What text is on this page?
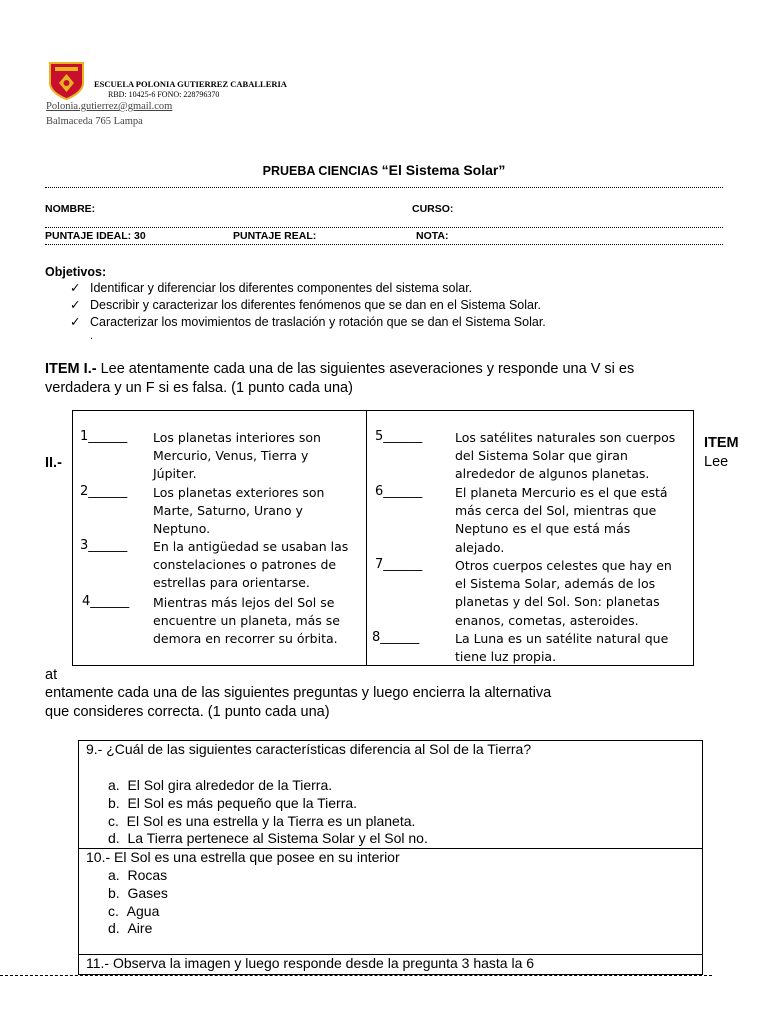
ESCUELA POLONIA GUTIERREZ CABALLERIA
RBD: 10425-6 FONO: 228796370
Polonia.gutierrez@gmail.com
Balmaceda 765 Lampa
PRUEBA CIENCIAS “El Sistema Solar”
NOMBRE:	CURSO:
PUNTAJE IDEAL: 30	PUNTAJE REAL:	NOTA:
Objetivos:
✓ Identificar y diferenciar los diferentes componentes del sistema solar.
✓ Describir y caracterizar los diferentes fenómenos que se dan en el Sistema Solar.
✓ Caracterizar los movimientos de traslación y rotación que se dan el Sistema Solar.
.
ITEM I.- Lee atentamente cada una de las siguientes aseveraciones y responde una V si es
verdadera y un F si es falsa. (1 punto cada una)
1______ Los planetas interiores son
Mercurio, Venus, Tierra y
Júpiter.
2______ Los planetas exteriores son
Marte, Saturno, Urano y
Neptuno.
3______ En la antigüedad se usaban las
constelaciones o patrones de
estrellas para orientarse.
4______ Mientras más lejos del Sol se
encuentre un planeta, más se
demora en recorrer su órbita.
5______	Los satélites naturales son cuerpos
del Sistema Solar que giran
alrededor de algunos planetas.
6______	El planeta Mercurio es el que está
más cerca del Sol, mientras que
Neptuno es el que está más
alejado.
7______	Otros cuerpos celestes que hay en
el Sistema Solar, además de los
planetas y del Sol. Son: planetas
enanos, cometas, asteroides.
8______	La Luna es un satélite natural que
tiene luz propia.
II.-
ITEM
Lee
at
entamente cada una de las siguientes preguntas y luego encierra la alternativa
que consideres correcta. (1 punto cada una)
9.- ¿Cuál de las siguientes características diferencia al Sol de la Tierra?
a. El Sol gira alrededor de la Tierra.
b. El Sol es más pequeño que la Tierra.
c. El Sol es una estrella y la Tierra es un planeta.
d. La Tierra pertenece al Sistema Solar y el Sol no.
10.- El Sol es una estrella que posee en su interior
a. Rocas
b. Gases
c. Agua
d. Aire
11.- Observa la imagen y luego responde desde la pregunta 3 hasta la 6
